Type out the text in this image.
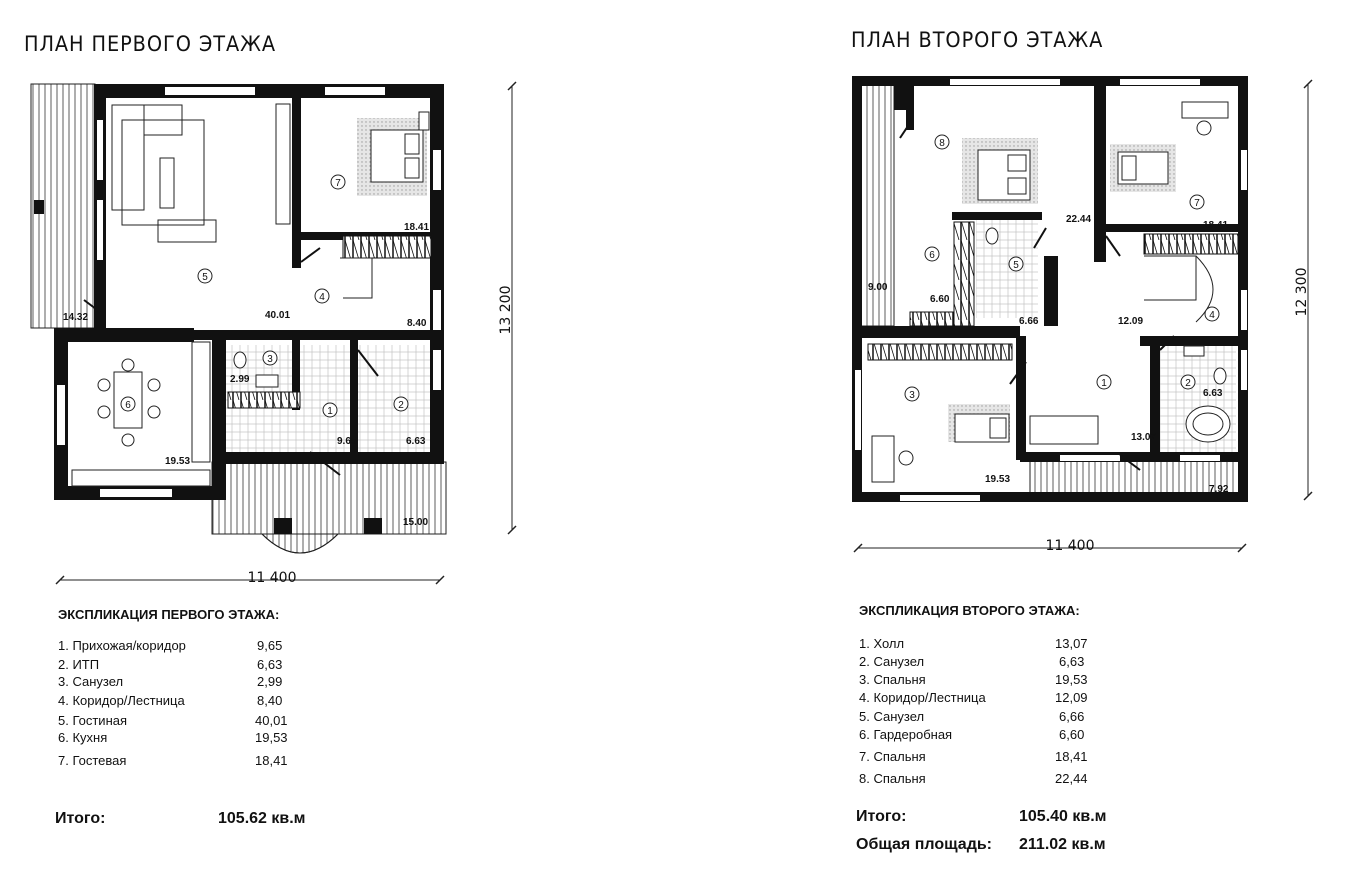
ПЛАН ПЕРВОГО ЭТАЖА	ПЛАН ВТОРОГО ЭТАЖА
1
2
3
4
5
6
7
9.65	6.63
2.99
8.40
40.01
19.53
18.41
14.32
15.00
11 400
13 200
1	2
3
4
5
6
7
8
13.07
6.63
19.53
12.09
6.66
6.60
18.41
22.44
9.00
7.92
11 400
12 300
ЭКСПЛИКАЦИЯ ПЕРВОГО ЭТАЖА:
1. Прихожая/коридор	9,65
2. ИТП	6,63
3. Санузел	2,99
4. Коридор/Лестница	8,40
5. Гостиная	40,01
6. Кухня	19,53
7. Гостевая	18,41
Итого:	105.62 кв.м
ЭКСПЛИКАЦИЯ ВТОРОГО ЭТАЖА:
1. Холл	13,07
2. Санузел	6,63
3. Спальня	19,53
4. Коридор/Лестница	12,09
5. Санузел	6,66
6. Гардеробная	6,60
7. Спальня	18,41
8. Спальня	22,44
Итого:	105.40 кв.м
Общая площадь: 211.02 кв.м
